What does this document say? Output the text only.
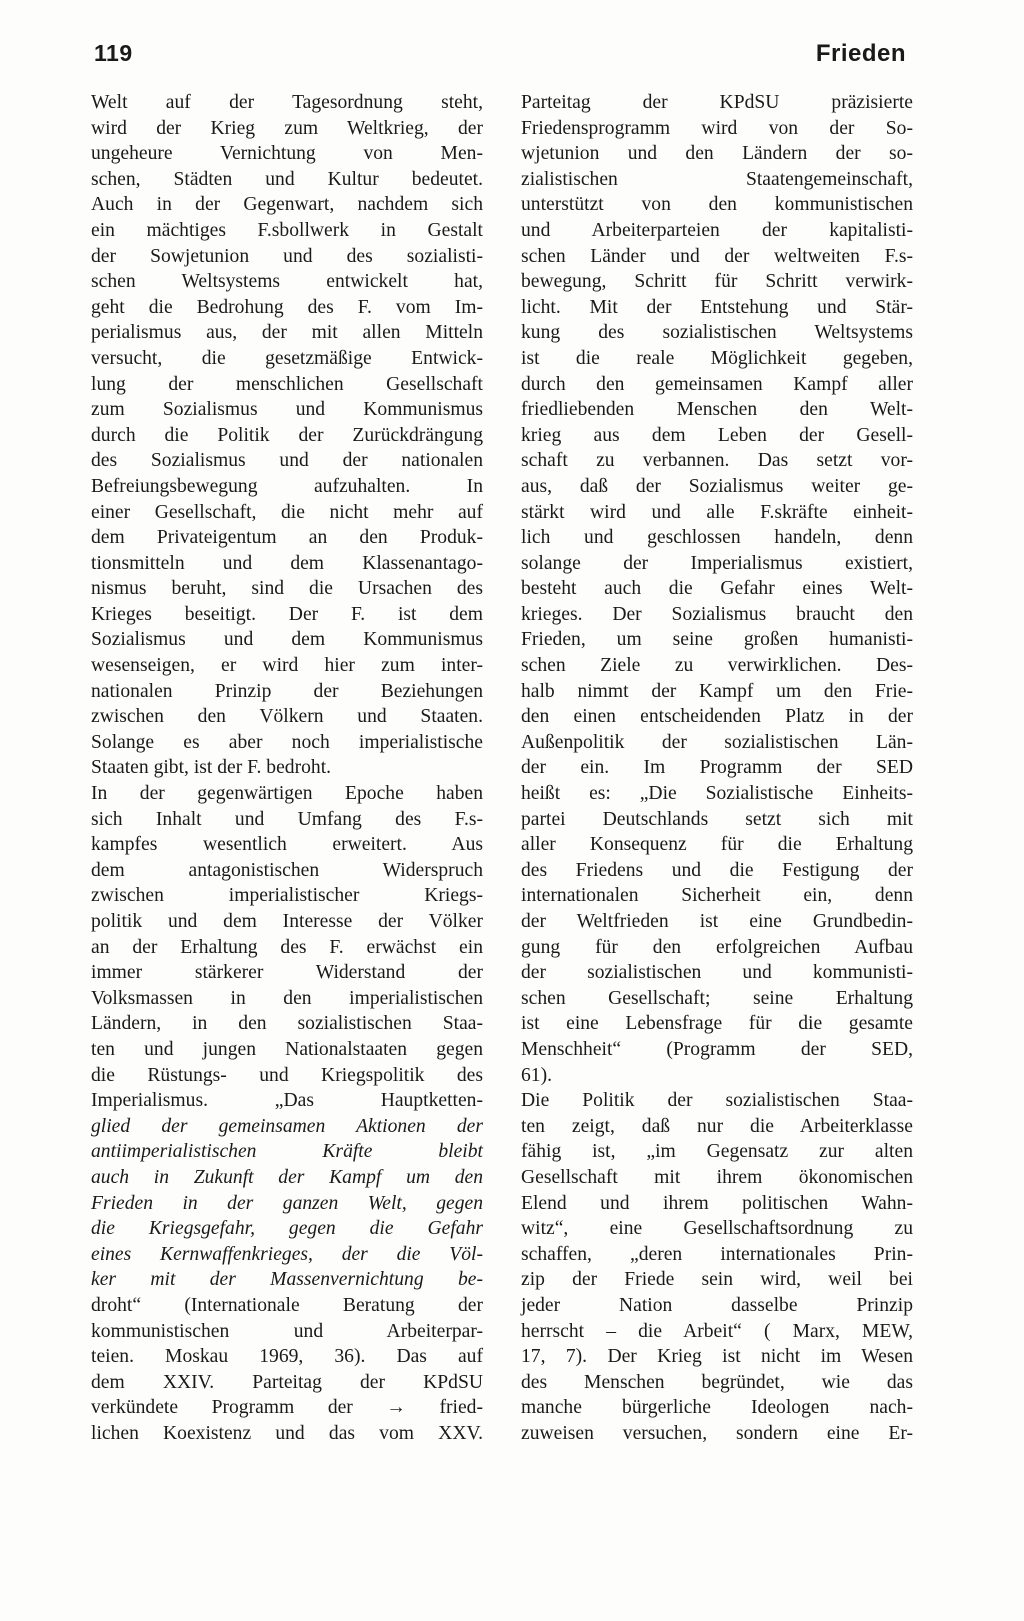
119	Frieden
Welt auf der Tagesordnung steht,
wird der Krieg zum Weltkrieg, der
ungeheure Vernichtung von Men-
schen, Städten und Kultur bedeutet.
Auch in der Gegenwart, nachdem sich
ein mächtiges F.sbollwerk in Gestalt
der Sowjetunion und des sozialisti-
schen Weltsystems entwickelt hat,
geht die Bedrohung des F. vom Im-
perialismus aus, der mit allen Mitteln
versucht, die gesetzmäßige Entwick-
lung der menschlichen Gesellschaft
zum Sozialismus und Kommunismus
durch die Politik der Zurückdrängung
des Sozialismus und der nationalen
Befreiungsbewegung aufzuhalten. In
einer Gesellschaft, die nicht mehr auf
dem Privateigentum an den Produk-
tionsmitteln und dem Klassenantago-
nismus beruht, sind die Ursachen des
Krieges beseitigt. Der F. ist dem
Sozialismus und dem Kommunismus
wesenseigen, er wird hier zum inter-
nationalen Prinzip der Beziehungen
zwischen den Völkern und Staaten.
Solange es aber noch imperialistische
Staaten gibt, ist der F. bedroht.
In der gegenwärtigen Epoche haben
sich Inhalt und Umfang des F.s-
kampfes wesentlich erweitert. Aus
dem antagonistischen Widerspruch
zwischen imperialistischer Kriegs-
politik und dem Interesse der Völker
an der Erhaltung des F. erwächst ein
immer stärkerer Widerstand der
Volksmassen in den imperialistischen
Ländern, in den sozialistischen Staa-
ten und jungen Nationalstaaten gegen
die Rüstungs- und Kriegspolitik des
Imperialismus. „Das Hauptketten-
glied der gemeinsamen Aktionen der
antiimperialistischen Kräfte bleibt
auch in Zukunft der Kampf um den
Frieden in der ganzen Welt, gegen
die Kriegsgefahr, gegen die Gefahr
eines Kernwaffenkrieges, der die Völ-
ker mit der Massenvernichtung be-
droht“ (Internationale Beratung der
kommunistischen und Arbeiterpar-
teien. Moskau 1969, 36). Das auf
dem XXIV. Parteitag der KPdSU
verkündete Programm der → fried-
lichen Koexistenz und das vom XXV.
Parteitag der KPdSU präzisierte
Friedensprogramm wird von der So-
wjetunion und den Ländern der so-
zialistischen Staatengemeinschaft,
unterstützt von den kommunistischen
und Arbeiterparteien der kapitalisti-
schen Länder und der weltweiten F.s-
bewegung, Schritt für Schritt verwirk-
licht. Mit der Entstehung und Stär-
kung des sozialistischen Weltsystems
ist die reale Möglichkeit gegeben,
durch den gemeinsamen Kampf aller
friedliebenden Menschen den Welt-
krieg aus dem Leben der Gesell-
schaft zu verbannen. Das setzt vor-
aus, daß der Sozialismus weiter ge-
stärkt wird und alle F.skräfte einheit-
lich und geschlossen handeln, denn
solange der Imperialismus existiert,
besteht auch die Gefahr eines Welt-
krieges. Der Sozialismus braucht den
Frieden, um seine großen humanisti-
schen Ziele zu verwirklichen. Des-
halb nimmt der Kampf um den Frie-
den einen entscheidenden Platz in der
Außenpolitik der sozialistischen Län-
der ein. Im Programm der SED
heißt es: „Die Sozialistische Einheits-
partei Deutschlands setzt sich mit
aller Konsequenz für die Erhaltung
des Friedens und die Festigung der
internationalen Sicherheit ein, denn
der Weltfrieden ist eine Grundbedin-
gung für den erfolgreichen Aufbau
der sozialistischen und kommunisti-
schen Gesellschaft; seine Erhaltung
ist eine Lebensfrage für die gesamte
Menschheit“ (Programm der SED,
61).
Die Politik der sozialistischen Staa-
ten zeigt, daß nur die Arbeiterklasse
fähig ist, „im Gegensatz zur alten
Gesellschaft mit ihrem ökonomischen
Elend und ihrem politischen Wahn-
witz“, eine Gesellschaftsordnung zu
schaffen, „deren internationales Prin-
zip der Friede sein wird, weil bei
jeder Nation dasselbe Prinzip
herrscht – die Arbeit“ ( Marx, MEW,
17, 7). Der Krieg ist nicht im Wesen
des Menschen begründet, wie das
manche bürgerliche Ideologen nach-
zuweisen versuchen, sondern eine Er-
